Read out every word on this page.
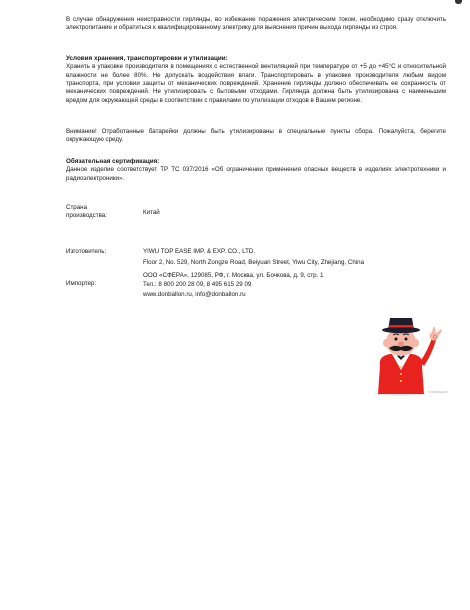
В случае обнаружения неисправности гирлянды, во избежание поражения электрическим током, необходимо сразу отключить электропитание и обратиться к квалифицированному электрику для выяснения причин выхода гирлянды из строя.

Условия хранения, транспортировки и утилизации:

Хранить в упаковке производителя в помещениях с естественной вентиляцией при температуре от +5 до +45°C и относительной влажности не более 80%. Не допускать воздействия влаги. Транспортировать в упаковке производителя любым видом транспорта, при условии защиты от механических повреждений. Хранение гирлянды должно обеспечивать ее сохранность от механических повреждений. Не утилизировать с бытовыми отходами. Гирлянда должна быть утилизирована с наименьшим вредом для окружающей среды в соответствии с правилами по утилизации отходов в Вашем регионе.

Внимание! Отработанные батарейки должны быть утилизированы в специальные пункты сбора. Пожалуйста, берегите окружающую среду.

Обязательная сертификация:

Данное изделие соответствует ТР ТС 037/2016 «Об ограничении применения опасных веществ в изделиях электротехники и радиоэлектроники».

Страна производства:	Китай
Изготовитель:	YIWU TOP EASE IMP. & EXP. CO., LTD.
Floor 2, No. 529, North Zongze Road, Beiyuan Street, Yiwu City, Zhejiang, China
Импортер:
ООО «СФЕРА», 129085, РФ, г. Москва, ул. Бочкова, д. 9, стр. 1
Тел.: 8 800 200 28 09, 8 495 615 29 09
www.donballon.ru, info@donballon.ru
© DON BALLON
